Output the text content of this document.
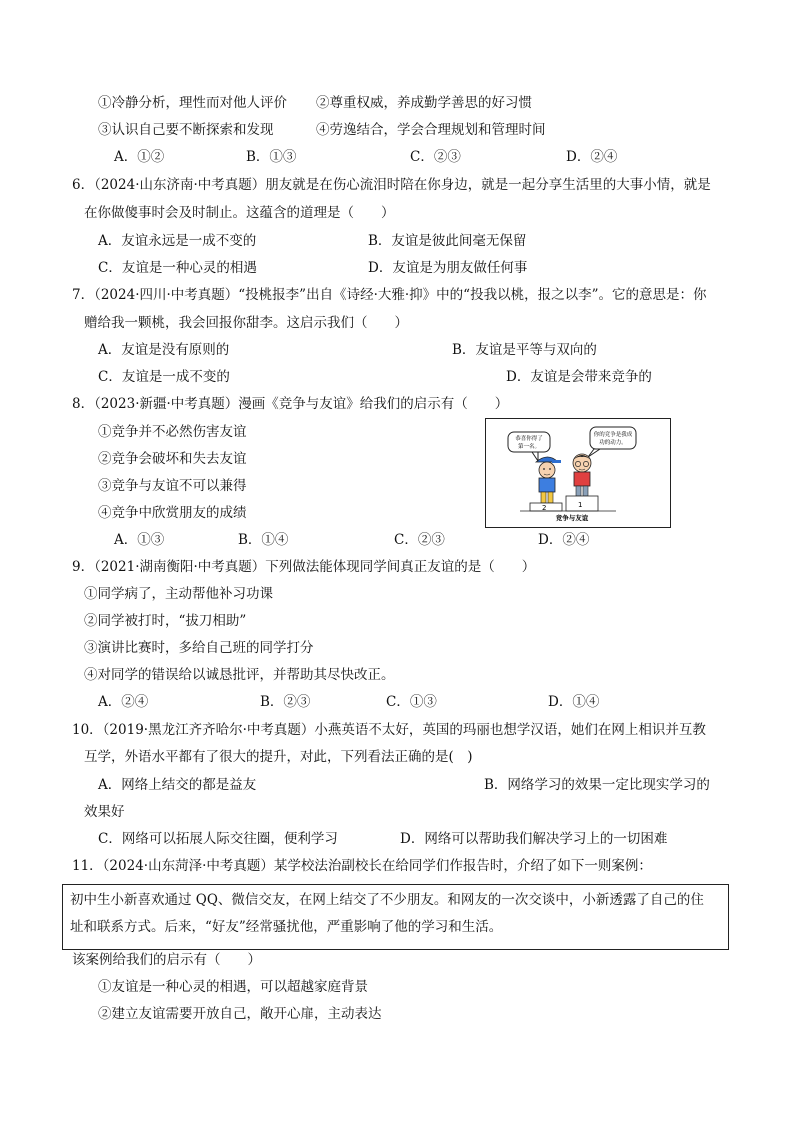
①冷静分析，理性而对他人评价 ②尊重权威，养成勤学善思的好习惯
③认识自己要不断探索和发现	④劳逸结合，学会合理规划和管理时间
A．①②	B．①③	C．②③	D．②④
6．（2024·山东济南·中考真题）朋友就是在伤心流泪时陪在你身边，就是一起分享生活里的大事小情，就是
在你做傻事时会及时制止。这蕴含的道理是（　　）
A．友谊永远是一成不变的	B．友谊是彼此间毫无保留
C．友谊是一种心灵的相遇	D．友谊是为朋友做任何事
7．（2024·四川·中考真题）“投桃报李”出自《诗经·大雅·抑》中的“投我以桃，报之以李”。它的意思是：你
赠给我一颗桃，我会回报你甜李。这启示我们（　　）
A．友谊是没有原则的	B．友谊是平等与双向的
C．友谊是一成不变的	D．友谊是会带来竞争的
8．（2023·新疆·中考真题）漫画《竞争与友谊》给我们的启示有（　　）
①竞争并不必然伤害友谊
②竞争会破坏和失去友谊
③竞争与友谊不可以兼得
④竞争中欣赏朋友的成绩
A．①③	B．①④	C．②③	D．②④
恭喜你得了
第一名。
你的竞争是我成
功的动力。
2	1
竞争与友谊
9．（2021·湖南衡阳·中考真题）下列做法能体现同学间真正友谊的是（　　）
①同学病了，主动帮他补习功课
②同学被打时，“拔刀相助”
③演讲比赛时，多给自己班的同学打分
④对同学的错误给以诚恳批评，并帮助其尽快改正。
A．②④	B．②③	C．①③	D．①④
10．（2019·黑龙江齐齐哈尔·中考真题）小燕英语不太好，英国的玛丽也想学汉语，她们在网上相识并互教
互学，外语水平都有了很大的提升，对此，下列看法正确的是(　)
A．网络上结交的都是益友	B．网络学习的效果一定比现实学习的
效果好
C．网络可以拓展人际交往圈，便利学习	D．网络可以帮助我们解决学习上的一切困难
11．（2024·山东菏泽·中考真题）某学校法治副校长在给同学们作报告时，介绍了如下一则案例：
初中生小新喜欢通过 QQ、微信交友，在网上结交了不少朋友。和网友的一次交谈中，小新透露了自己的住
址和联系方式。后来，“好友”经常骚扰他，严重影响了他的学习和生活。
该案例给我们的启示有（　　）
①友谊是一种心灵的相遇，可以超越家庭背景
②建立友谊需要开放自己，敞开心扉，主动表达
